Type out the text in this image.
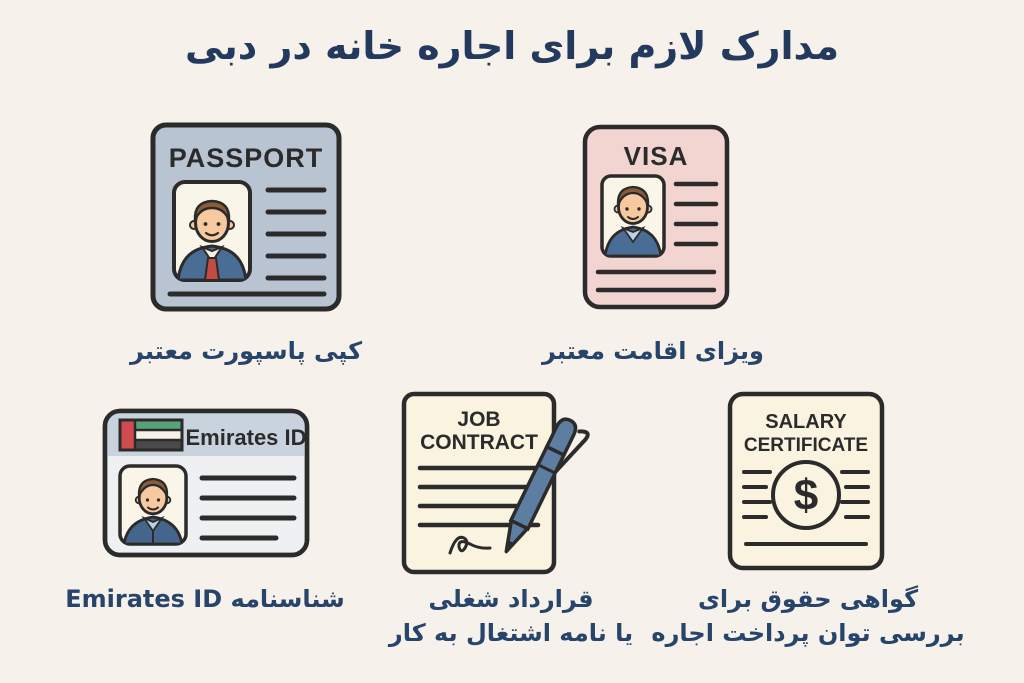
مدارک لازم برای اجاره خانه در دبی
PASSPORT	VISA
Emirates ID
JOB
CONTRACT
SALARY
CERTIFICATE
$
کپی پاسپورت معتبر	ویزای اقامت معتبر
شناسنامه Emirates ID	قرارداد شغلی
یا نامه اشتغال به کار
گواهی حقوق برای
بررسی توان پرداخت اجاره
